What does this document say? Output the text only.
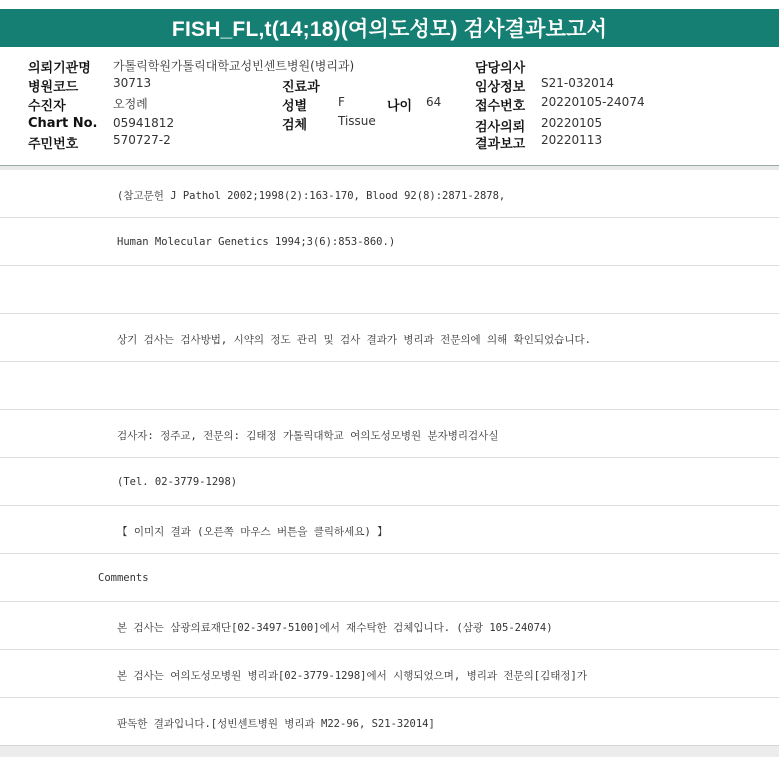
FISH_FL,t(14;18)(여의도성모) 검사결과보고서
의뢰기관명 가톨릭학원가톨릭대학교성빈센트병원(병리과)
병원코드	30713
수진자	오정례
Chart No. 05941812
주민번호	570727-2
진료과
성별	F	나이 64
검체	Tissue
담당의사
임상정보 S21-032014
접수번호 20220105-24074
검사의뢰 20220105
결과보고 20220113
(참고문헌 J Pathol 2002;1998(2):163-170, Blood 92(8):2871-2878,
Human Molecular Genetics 1994;3(6):853-860.)
상기 검사는 검사방법, 시약의 정도 관리 및 검사 결과가 병리과 전문의에 의해 확인되었습니다.
검사자: 정주교, 전문의: 김태정 가톨릭대학교 여의도성모병원 분자병리검사실
(Tel. 02-3779-1298)
【 이미지 결과 (오른쪽 마우스 버튼을 클릭하세요) 】
Comments
본 검사는 삼광의료재단[02-3497-5100]에서 재수탁한 검체입니다. (삼광 105-24074)
본 검사는 여의도성모병원 병리과[02-3779-1298]에서 시행되었으며, 병리과 전문의[김태정]가
판독한 결과입니다.[성빈센트병원 병리과 M22-96, S21-32014]
